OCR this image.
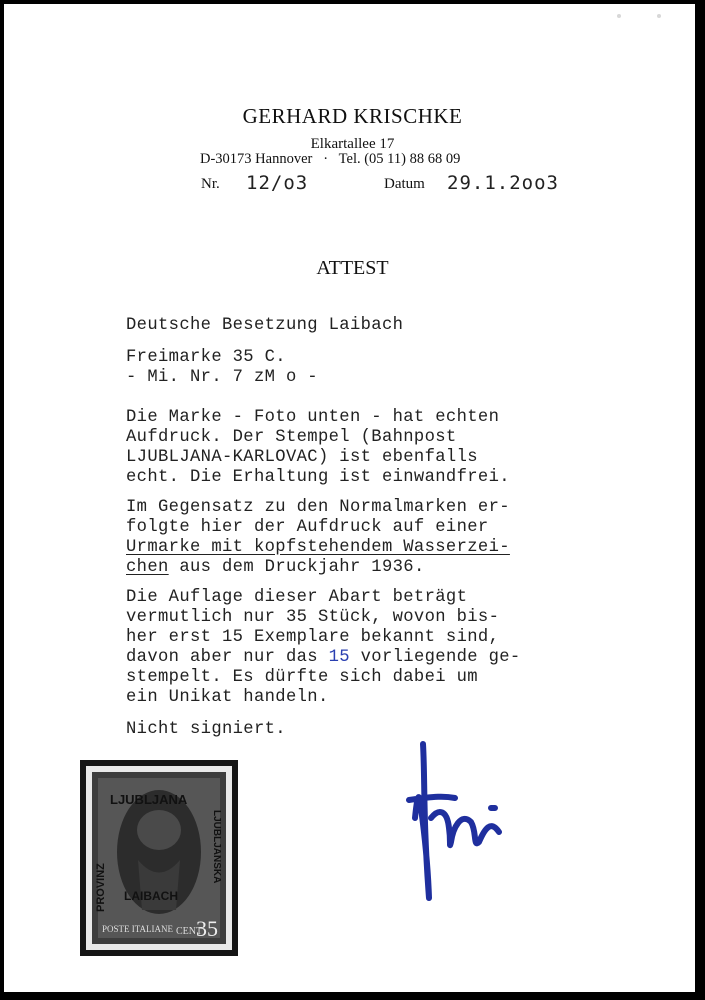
GERHARD KRISCHKE
Elkartallee 17
D-30173 Hannover   ·   Tel. (05 11) 88 68 09
Nr. 12/o3	Datum 29.1.2oo3
ATTEST
Deutsche Besetzung Laibach
Freimarke 35 C.
- Mi. Nr. 7 zM o -
Die Marke - Foto unten - hat echten
Aufdruck. Der Stempel (Bahnpost
LJUBLJANA-KARLOVAC) ist ebenfalls
echt. Die Erhaltung ist einwandfrei.
Im Gegensatz zu den Normalmarken er-
folgte hier der Aufdruck auf einer
Urmarke mit kopfstehendem Wasserzei-
chen aus dem Druckjahr 1936.
Die Auflage dieser Abart beträgt
vermutlich nur 35 Stück, wovon bis-
her erst 15 Exemplare bekannt sind,
davon aber nur das 15 vorliegende ge-
stempelt. Es dürfte sich dabei um
ein Unikat handeln.
Nicht signiert.
LJUBLJANA
LAIBACH
PROVINZ
LJUBLJANSKA
POSTE ITALIANE CENT
35
